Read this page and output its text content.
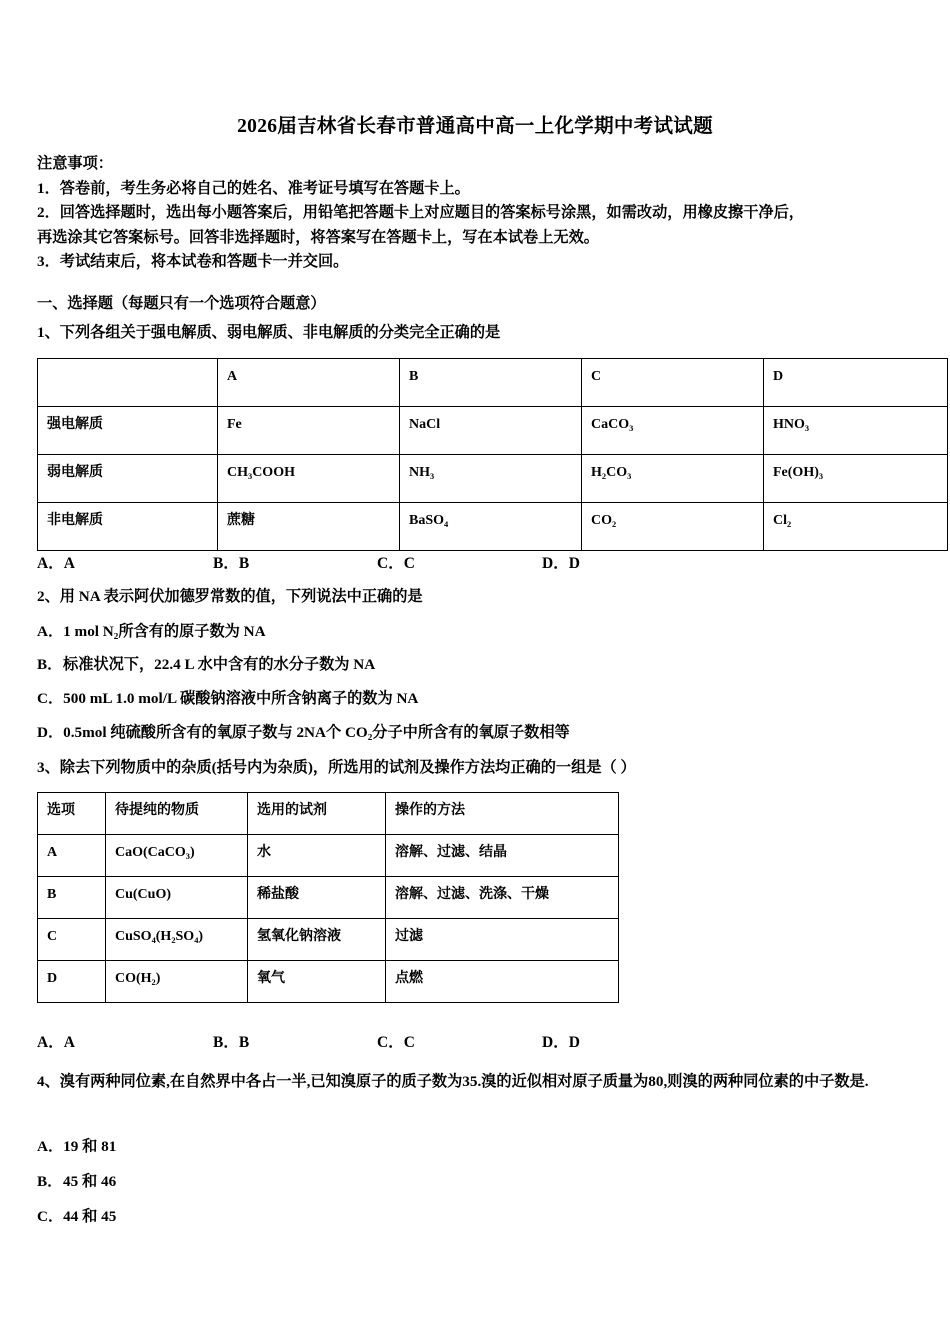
2026届吉林省长春市普通高中高一上化学期中考试试题
注意事项：
1．答卷前，考生务必将自己的姓名、准考证号填写在答题卡上。
2．回答选择题时，选出每小题答案后，用铅笔把答题卡上对应题目的答案标号涂黑，如需改动，用橡皮擦干净后，
再选涂其它答案标号。回答非选择题时，将答案写在答题卡上，写在本试卷上无效。
3．考试结束后，将本试卷和答题卡一并交回。
一、选择题（每题只有一个选项符合题意）
1、下列各组关于强电解质、弱电解质、非电解质的分类完全正确的是
	A	B	C	D
强电解质	Fe	NaCl	CaCO₃	HNO₃
弱电解质	CH₃COOH	NH₃	H₂CO₃	Fe(OH)₃
非电解质	蔗糖	BaSO₄	CO₂	Cl₂
A．A	B．B	C．C	D．D
2、用 NA 表示阿伏加德罗常数的值，下列说法中正确的是
A．1 mol N₂所含有的原子数为 NA
B．标准状况下，22.4 L 水中含有的水分子数为 NA
C．500 mL 1.0 mol/L 碳酸钠溶液中所含钠离子的数为 NA
D．0.5mol 纯硫酸所含有的氧原子数与 2NA个 CO₂分子中所含有的氧原子数相等
3、除去下列物质中的杂质(括号内为杂质)，所选用的试剂及操作方法均正确的一组是（ ）
选项	待提纯的物质	选用的试剂	操作的方法
A	CaO(CaCO₃)	水	溶解、过滤、结晶
B	Cu(CuO)	稀盐酸	溶解、过滤、洗涤、干燥
C	CuSO₄(H₂SO₄)	氢氧化钠溶液	过滤
D	CO(H₂)	氧气	点燃
A．A	B．B	C．C	D．D
4、溴有两种同位素,在自然界中各占一半,已知溴原子的质子数为35.溴的近似相对原子质量为80,则溴的两种同位素的中子数是.
A．19 和 81
B．45 和 46
C．44 和 45
